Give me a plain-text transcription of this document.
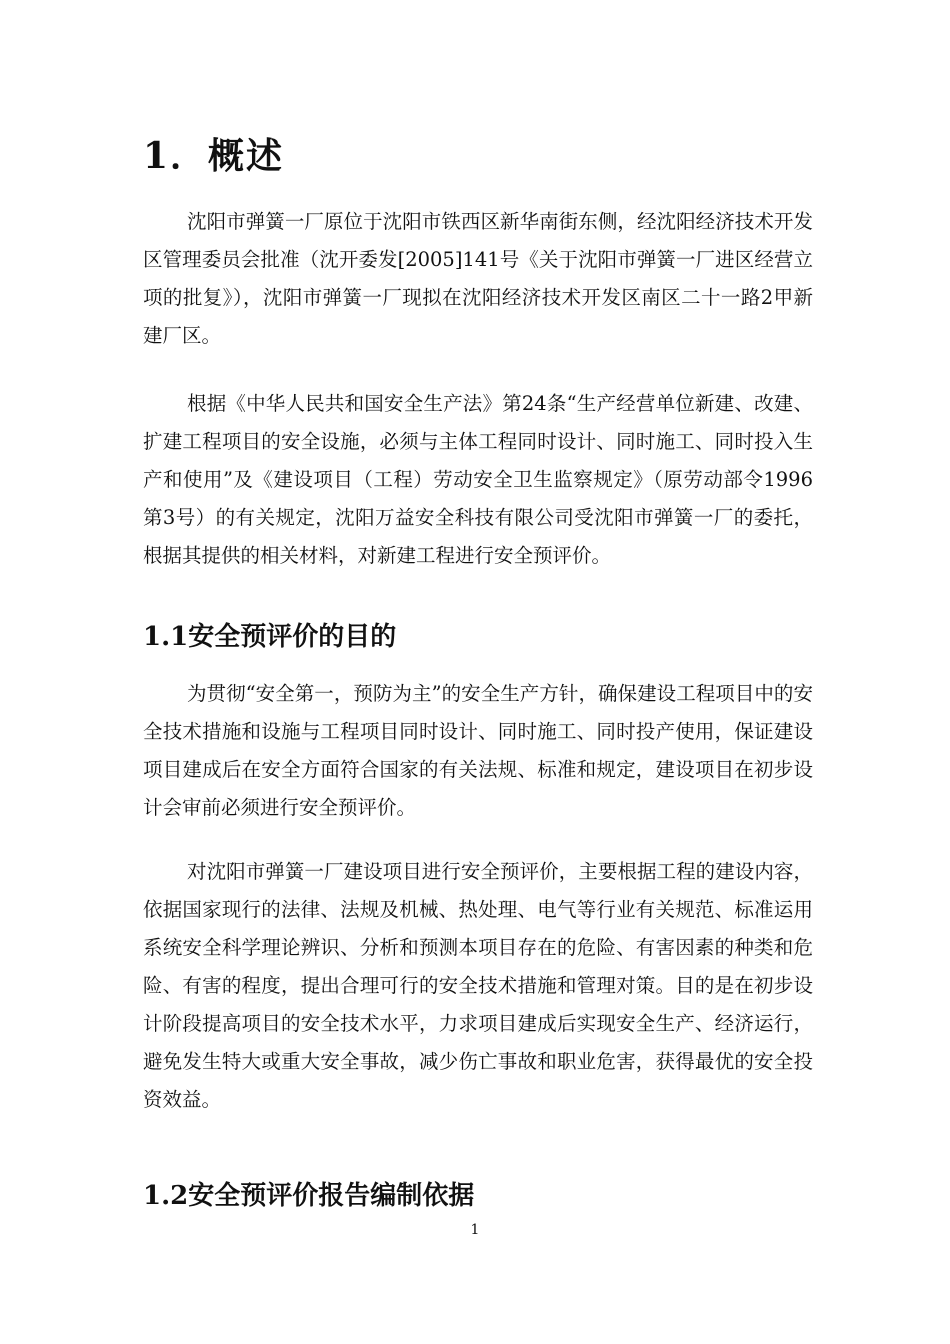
1．概述

沈阳市弹簧一厂原位于沈阳市铁西区新华南街东侧，经沈阳经济技术开发区管理委员会批准（沈开委发[2005]141号《关于沈阳市弹簧一厂进区经营立项的批复》），沈阳市弹簧一厂现拟在沈阳经济技术开发区南区二十一路2甲新建厂区。

根据《中华人民共和国安全生产法》第24条“生产经营单位新建、改建、扩建工程项目的安全设施，必须与主体工程同时设计、同时施工、同时投入生产和使用”及《建设项目（工程）劳动安全卫生监察规定》（原劳动部令1996第3号）的有关规定，沈阳万益安全科技有限公司受沈阳市弹簧一厂的委托，根据其提供的相关材料，对新建工程进行安全预评价。

1.1安全预评价的目的

为贯彻“安全第一，预防为主”的安全生产方针，确保建设工程项目中的安全技术措施和设施与工程项目同时设计、同时施工、同时投产使用，保证建设项目建成后在安全方面符合国家的有关法规、标准和规定，建设项目在初步设计会审前必须进行安全预评价。

对沈阳市弹簧一厂建设项目进行安全预评价，主要根据工程的建设内容，依据国家现行的法律、法规及机械、热处理、电气等行业有关规范、标准运用系统安全科学理论辨识、分析和预测本项目存在的危险、有害因素的种类和危险、有害的程度，提出合理可行的安全技术措施和管理对策。目的是在初步设计阶段提高项目的安全技术水平，力求项目建成后实现安全生产、经济运行，避免发生特大或重大安全事故，减少伤亡事故和职业危害，获得最优的安全投资效益。

1.2安全预评价报告编制依据
1
